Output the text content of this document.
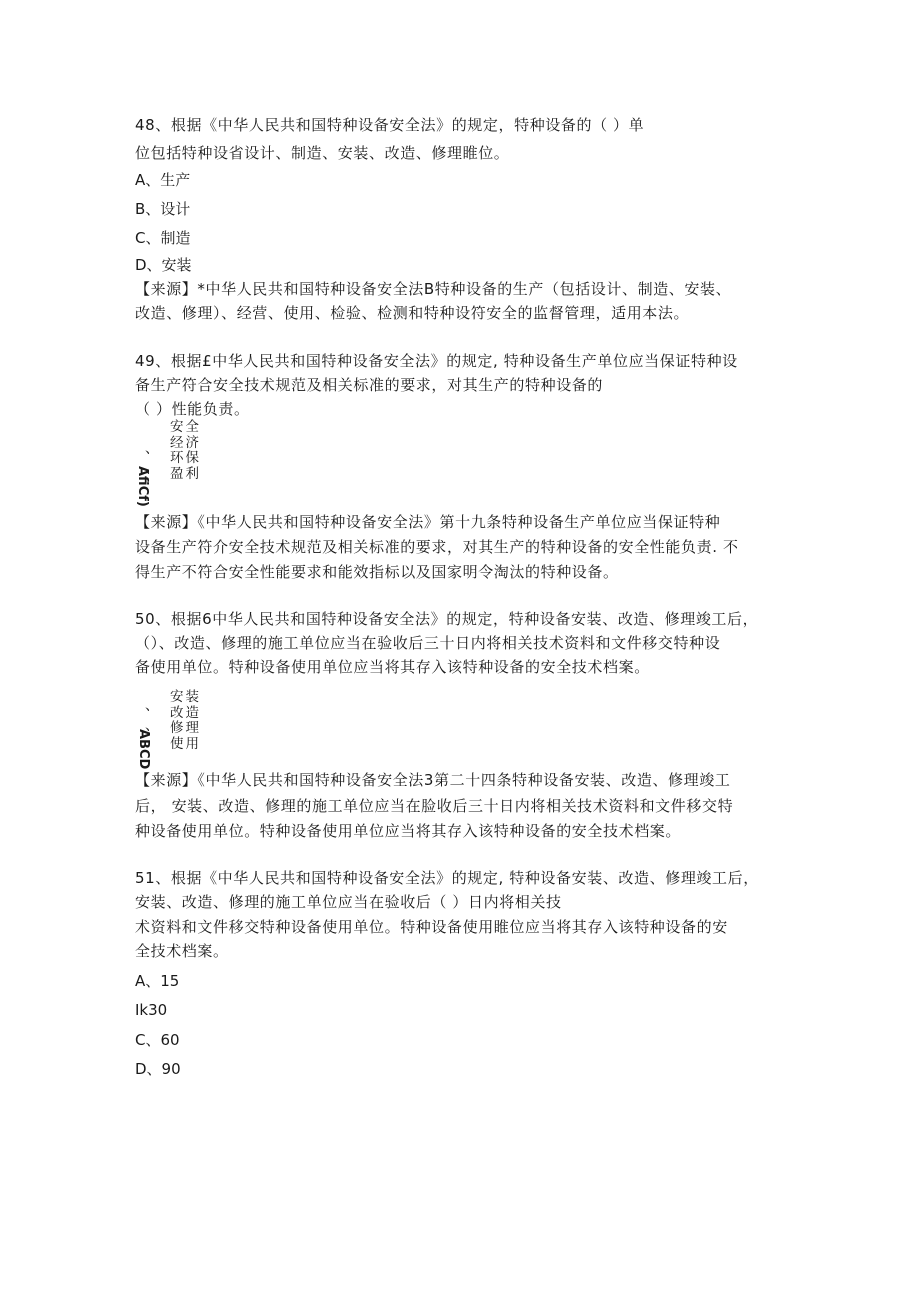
48、根据《中华人民共和国特种设备安全法》的规定，特种设备的（ ）单
位包括特种设省设计、制造、安装、改造、修理睢位。
A、生产
B、设计
C、制造
D、安装
【来源】*中华人民共和国特种设备安全法B特种设备的生产（包括设计、制造、安装、
改造、修理）、经营、使用、检验、检测和特种设符安全的监督管理，适用本法。
49、根据£中华人民共和国特种设备安全法》的规定, 特种设备生产单位应当保证特种设
备生产符合安全技术规范及相关标准的要求，对其生产的特种设备的
（ ）性能负责。
、
、
安全
经济
环保
盈利
AfiCf)
【来源】《中华人民共和国特种设备安全法》第十九条特种设备生产单位应当保证特种
设备生产符介安全技术规范及相关标准的要求，对其生产的特种设备的安全性能负责. 不
得生产不符合安全性能要求和能效指标以及国家明令淘汰的特种设备。
50、根据6中华人民共和国特种设备安全法》的规定，特种设备安装、改造、修理竣工后，
（）、改造、修理的施工单位应当在验收后三十日内将相关技术资料和文件移交特种设
备使用单位。特种设备使用单位应当将其存入该特种设备的安全技术档案。
、
、
安装
改造
修理
使用
ABCD
【来源】《中华人民共和国特种设备安全法3第二十四条特种设备安装、改造、修理竣工
后， 安装、改造、修理的施工单位应当在脸收后三十日内将相关技术资料和文件移交特
种设备使用单位。特种设备使用单位应当将其存入该特种设备的安全技术档案。
51、根据《中华人民共和国特种设备安全法》的规定, 特种设备安装、改造、修理竣工后，
安装、改造、修理的施工单位应当在验收后（ ）日内将相关技
术资料和文件移交特种设备使用单位。特种设备使用睢位应当将其存入该特种设备的安
全技术档案。
A、15
Ik30
C、60
D、90
